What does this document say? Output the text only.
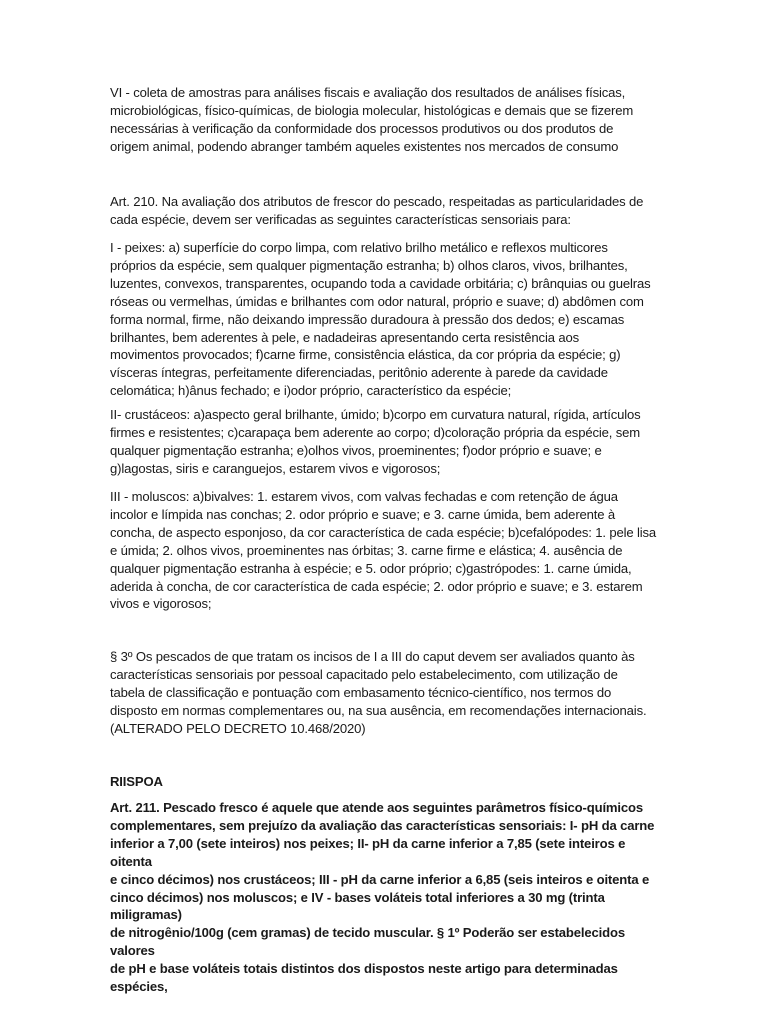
VI - coleta de amostras para análises fiscais e avaliação dos resultados de análises físicas,
microbiológicas, físico-químicas, de biologia molecular, histológicas e demais que se fizerem
necessárias à verificação da conformidade dos processos produtivos ou dos produtos de
origem animal, podendo abranger também aqueles existentes nos mercados de consumo

Art. 210. Na avaliação dos atributos de frescor do pescado, respeitadas as particularidades de
cada espécie, devem ser verificadas as seguintes características sensoriais para:

I - peixes: a) superfície do corpo limpa, com relativo brilho metálico e reflexos multicores
próprios da espécie, sem qualquer pigmentação estranha; b) olhos claros, vivos, brilhantes,
luzentes, convexos, transparentes, ocupando toda a cavidade orbitária; c) brânquias ou guelras
róseas ou vermelhas, úmidas e brilhantes com odor natural, próprio e suave; d) abdômen com
forma normal, firme, não deixando impressão duradoura à pressão dos dedos; e) escamas
brilhantes, bem aderentes à pele, e nadadeiras apresentando certa resistência aos
movimentos provocados; f)carne firme, consistência elástica, da cor própria da espécie; g)
vísceras íntegras, perfeitamente diferenciadas, peritônio aderente à parede da cavidade
celomática; h)ânus fechado; e i)odor próprio, característico da espécie;

II- crustáceos: a)aspecto geral brilhante, úmido; b)corpo em curvatura natural, rígida, artículos
firmes e resistentes; c)carapaça bem aderente ao corpo; d)coloração própria da espécie, sem
qualquer pigmentação estranha; e)olhos vivos, proeminentes; f)odor próprio e suave; e
g)lagostas, siris e caranguejos, estarem vivos e vigorosos;

III - moluscos: a)bivalves: 1. estarem vivos, com valvas fechadas e com retenção de água
incolor e límpida nas conchas; 2. odor próprio e suave; e 3. carne úmida, bem aderente à
concha, de aspecto esponjoso, da cor característica de cada espécie; b)cefalópodes: 1. pele lisa
e úmida; 2. olhos vivos, proeminentes nas órbitas; 3. carne firme e elástica; 4. ausência de
qualquer pigmentação estranha à espécie; e 5. odor próprio; c)gastrópodes: 1. carne úmida,
aderida à concha, de cor característica de cada espécie; 2. odor próprio e suave; e 3. estarem
vivos e vigorosos;

§ 3º Os pescados de que tratam os incisos de I a III do caput devem ser avaliados quanto às
características sensoriais por pessoal capacitado pelo estabelecimento, com utilização de
tabela de classificação e pontuação com embasamento técnico-científico, nos termos do
disposto em normas complementares ou, na sua ausência, em recomendações internacionais.
(ALTERADO PELO DECRETO 10.468/2020)

RIISPOA

Art. 211. Pescado fresco é aquele que atende aos seguintes parâmetros físico-químicos
complementares, sem prejuízo da avaliação das características sensoriais: I- pH da carne
inferior a 7,00 (sete inteiros) nos peixes; II- pH da carne inferior a 7,85 (sete inteiros e oitenta
e cinco décimos) nos crustáceos; III - pH da carne inferior a 6,85 (seis inteiros e oitenta e
cinco décimos) nos moluscos; e IV - bases voláteis total inferiores a 30 mg (trinta miligramas)
de nitrogênio/100g (cem gramas) de tecido muscular. § 1º Poderão ser estabelecidos valores
de pH e base voláteis totais distintos dos dispostos neste artigo para determinadas espécies,
